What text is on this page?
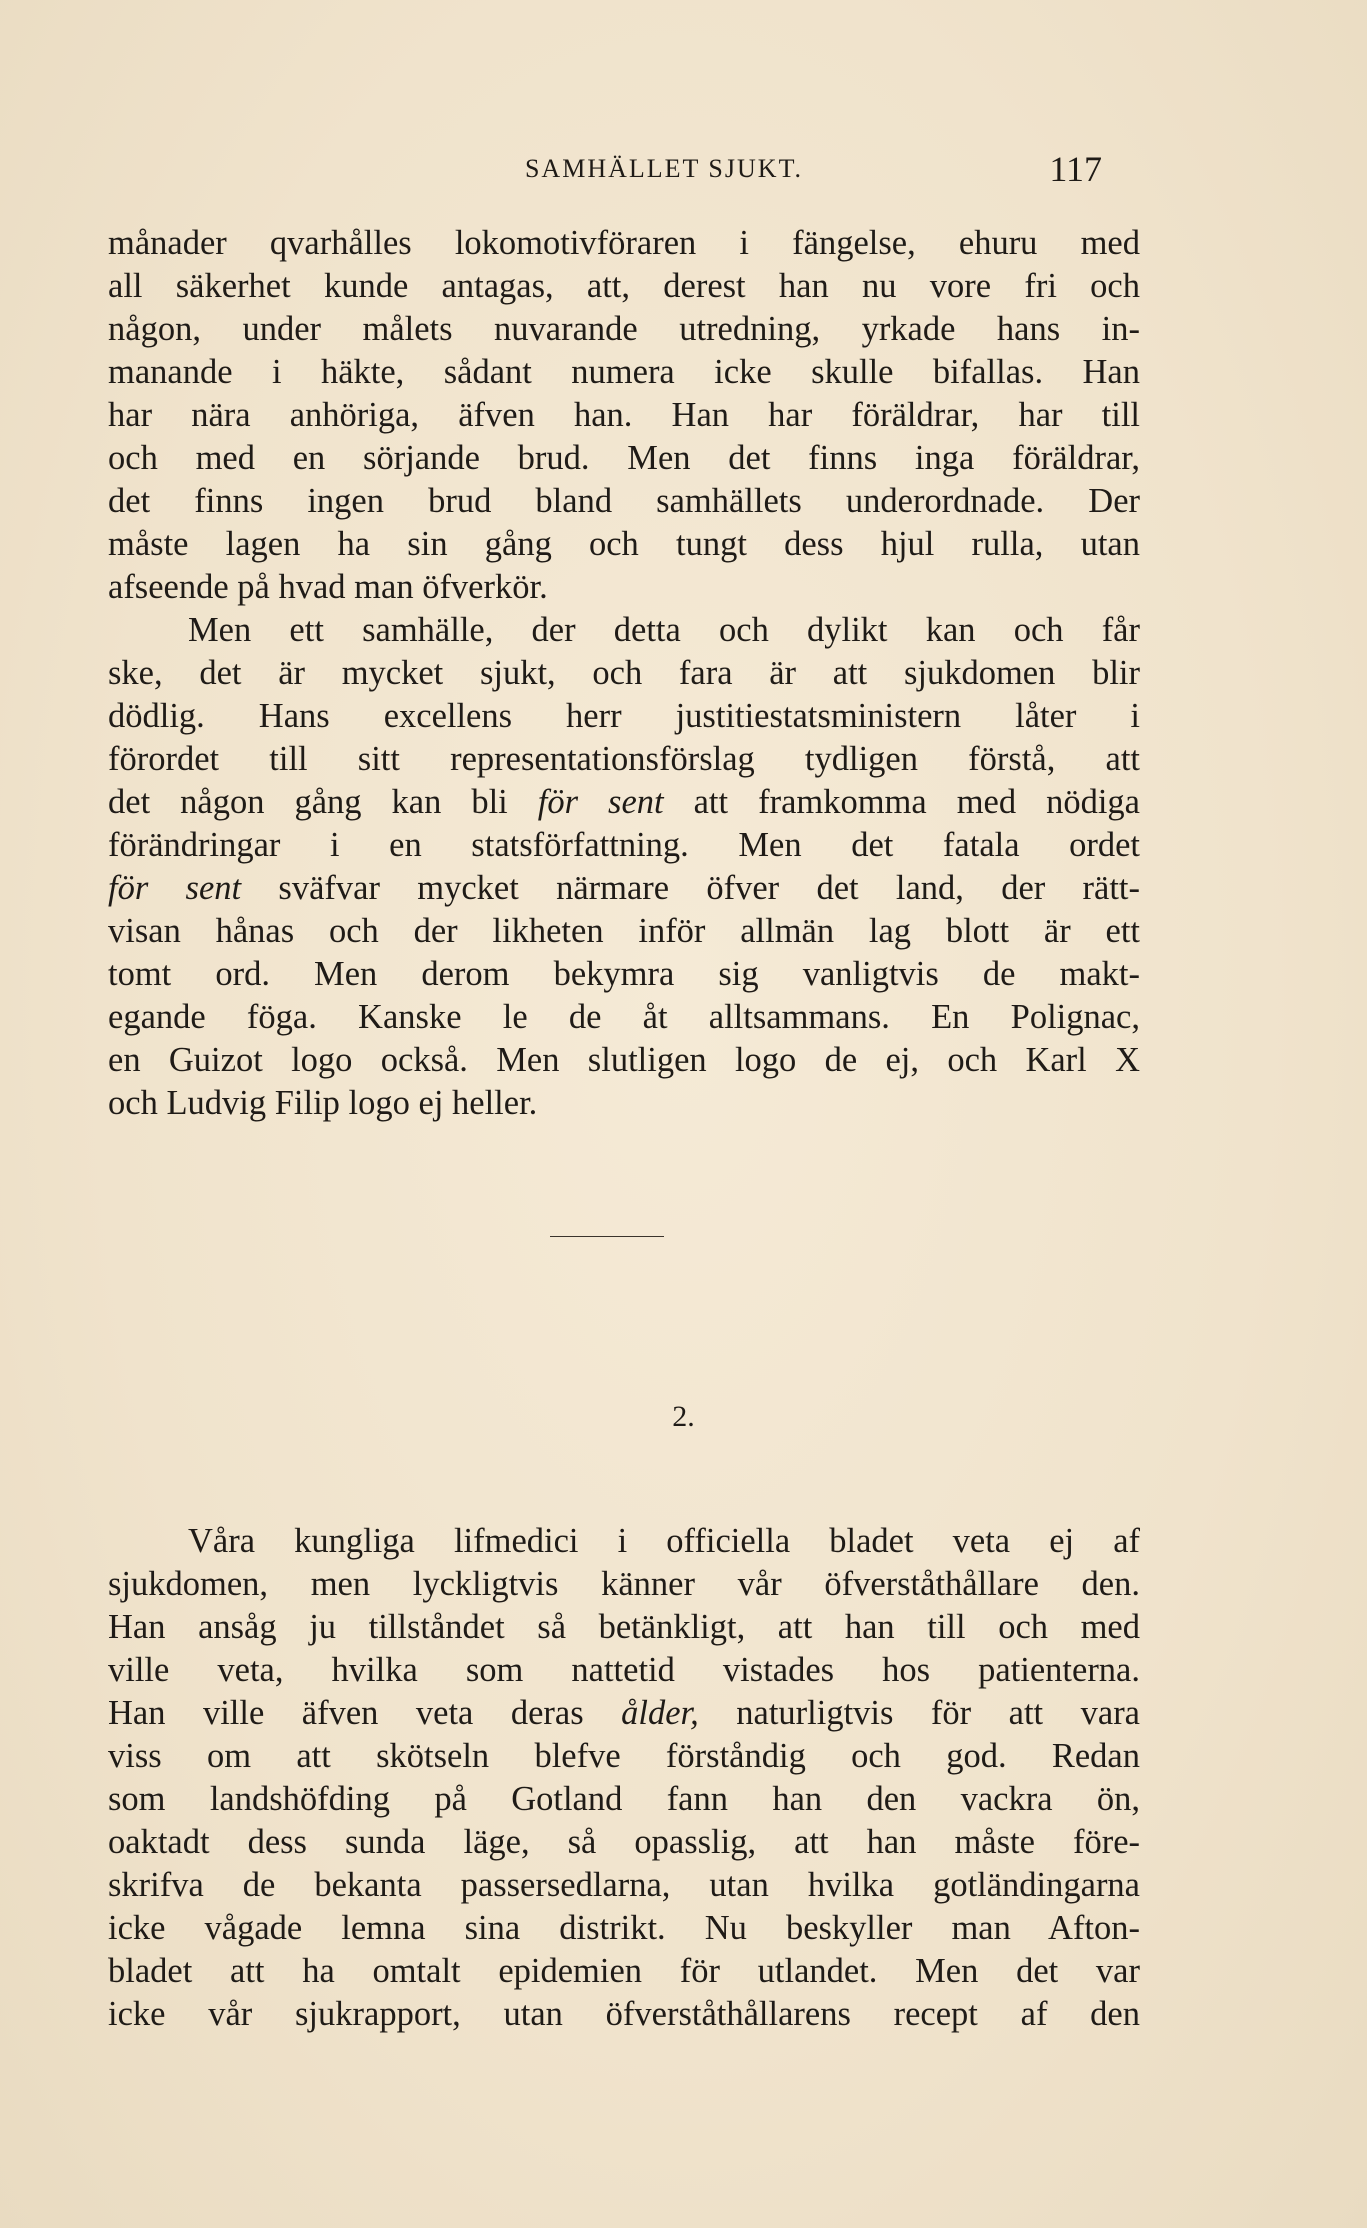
SAMHÄLLET SJUKT.	117
månader qvarhålles lokomotivföraren i fängelse, ehuru med
all säkerhet kunde antagas, att, derest han nu vore fri och
någon, under målets nuvarande utredning, yrkade hans in-
manande i häkte, sådant numera icke skulle bifallas. Han
har nära anhöriga, äfven han. Han har föräldrar, har till
och med en sörjande brud. Men det finns inga föräldrar,
det finns ingen brud bland samhällets underordnade. Der
måste lagen ha sin gång och tungt dess hjul rulla, utan
afseende på hvad man öfverkör.
Men ett samhälle, der detta och dylikt kan och får
ske, det är mycket sjukt, och fara är att sjukdomen blir
dödlig. Hans excellens herr justitiestatsministern låter i
förordet till sitt representationsförslag tydligen förstå, att
det någon gång kan bli för sent att framkomma med nödiga
förändringar i en statsförfattning. Men det fatala ordet
för sent sväfvar mycket närmare öfver det land, der rätt-
visan hånas och der likheten inför allmän lag blott är ett
tomt ord. Men derom bekymra sig vanligtvis de makt-
egande föga. Kanske le de åt alltsammans. En Polignac,
en Guizot logo också. Men slutligen logo de ej, och Karl X
och Ludvig Filip logo ej heller.
2.
Våra kungliga lifmedici i officiella bladet veta ej af
sjukdomen, men lyckligtvis känner vår öfverståthållare den.
Han ansåg ju tillståndet så betänkligt, att han till och med
ville veta, hvilka som nattetid vistades hos patienterna.
Han ville äfven veta deras ålder, naturligtvis för att vara
viss om att skötseln blefve förståndig och god. Redan
som landshöfding på Gotland fann han den vackra ön,
oaktadt dess sunda läge, så opasslig, att han måste före-
skrifva de bekanta passersedlarna, utan hvilka gotländingarna
icke vågade lemna sina distrikt. Nu beskyller man Afton-
bladet att ha omtalt epidemien för utlandet. Men det var
icke vår sjukrapport, utan öfverståthållarens recept af den
